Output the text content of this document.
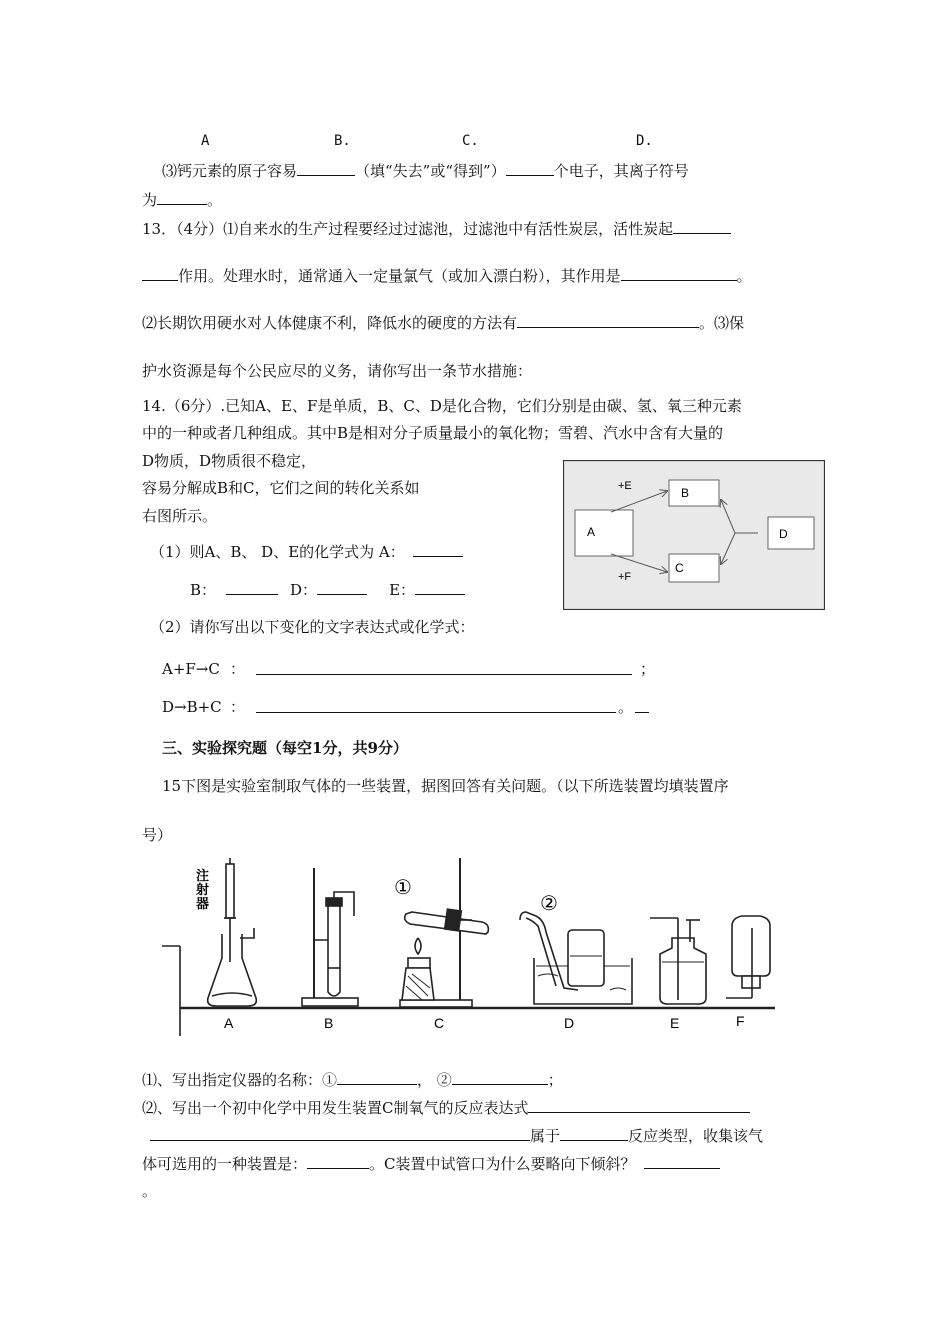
A	B.	C.	D.
⑶钙元素的原子容易	（填“失去”或“得到”）	个电子，其离子符号
为	。
13．（4分）⑴自来水的生产过程要经过过滤池，过滤池中有活性炭层，活性炭起
作用。处理水时，通常通入一定量氯气（或加入漂白粉），其作用是	。
⑵长期饮用硬水对人体健康不利，降低水的硬度的方法有	。⑶保
护水资源是每个公民应尽的义务，请你写出一条节水措施：
14.（6分）.已知A、E、F是单质，B、C、D是化合物，它们分别是由碳、氢、氧三种元素
中的一种或者几种组成。其中B是相对分子质量最小的氧化物；雪碧、汽水中含有大量的
D物质，D物质很不稳定，
容易分解成B和C，它们之间的转化关系如
右图所示。
A
B
C
D
+E
+F
（1）则A、B、 D、E的化学式为 A：
B：	D：	E：
（2）请你写出以下变化的文字表达式或化学式：
A+F→C ：	；
D→B+C ：	。
三、实验探究题（每空1分，共9分）
15下图是实验室制取气体的一些装置，据图回答有关问题。（以下所选装置均填装置序
号）
注
射
器
①
②
A	B	C	D	E	F
⑴、写出指定仪器的名称：①	， ②	；
⑵、写出一个初中化学中用发生装置C制氧气的反应表达式
属于	反应类型，收集该气
体可选用的一种装置是：	。C装置中试管口为什么要略向下倾斜？
。
